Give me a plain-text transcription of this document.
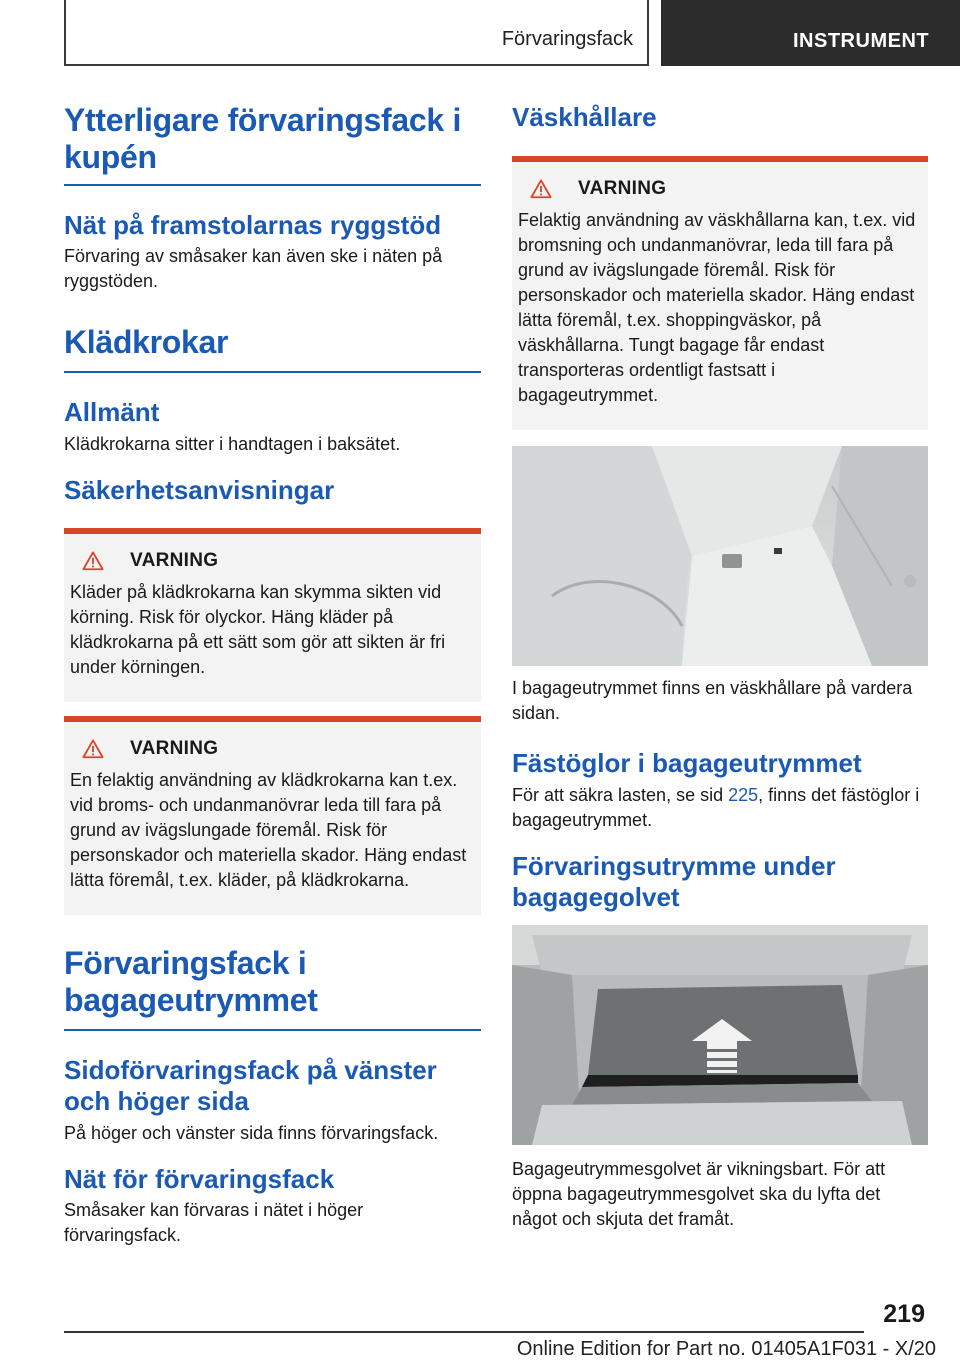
Förvaringsfack	INSTRUMENT
Ytterligare förvaringsfack i kupén
Nät på framstolarnas ryggstöd

Förvaring av småsaker kan även ske i näten på ryggstöden.

Klädkrokar
Allmänt

Klädkrokarna sitter i handtagen i baksätet.

Säkerhetsanvisningar
VARNING

Kläder på klädkrokarna kan skymma sikten vid körning. Risk för olyckor. Häng kläder på klädkrokarna på ett sätt som gör att sikten är fri under körningen.

VARNING

En felaktig användning av klädkrokarna kan t.ex. vid broms- och undanmanövrar leda till fara på grund av ivägslungade föremål. Risk för personskador och materiella skador. Häng endast lätta föremål, t.ex. kläder, på klädkrokarna.

Förvaringsfack i bagageutrymmet
Sidoförvaringsfack på vänster och höger sida

På höger och vänster sida finns förvaringsfack.

Nät för förvaringsfack

Småsaker kan förvaras i nätet i höger förvaringsfack.

Väskhållare
VARNING

Felaktig användning av väskhållarna kan, t.ex. vid bromsning och undanmanövrar, leda till fara på grund av ivägslungade föremål. Risk för personskador och materiella skador. Häng endast lätta föremål, t.ex. shoppingväskor, på väskhållarna. Tungt bagage får endast transporteras ordentligt fastsatt i bagageutrymmet.

I bagageutrymmet finns en väskhållare på vardera sidan.

Fästöglor i bagageutrymmet

För att säkra lasten, se sid 225, finns det fästöglor i bagageutrymmet.

Förvaringsutrymme under bagagegolvet

Bagageutrymmesgolvet är vikningsbart. För att öppna bagageutrymmesgolvet ska du lyfta det något och skjuta det framåt.

219
Online Edition for Part no. 01405A1F031 - X/20
